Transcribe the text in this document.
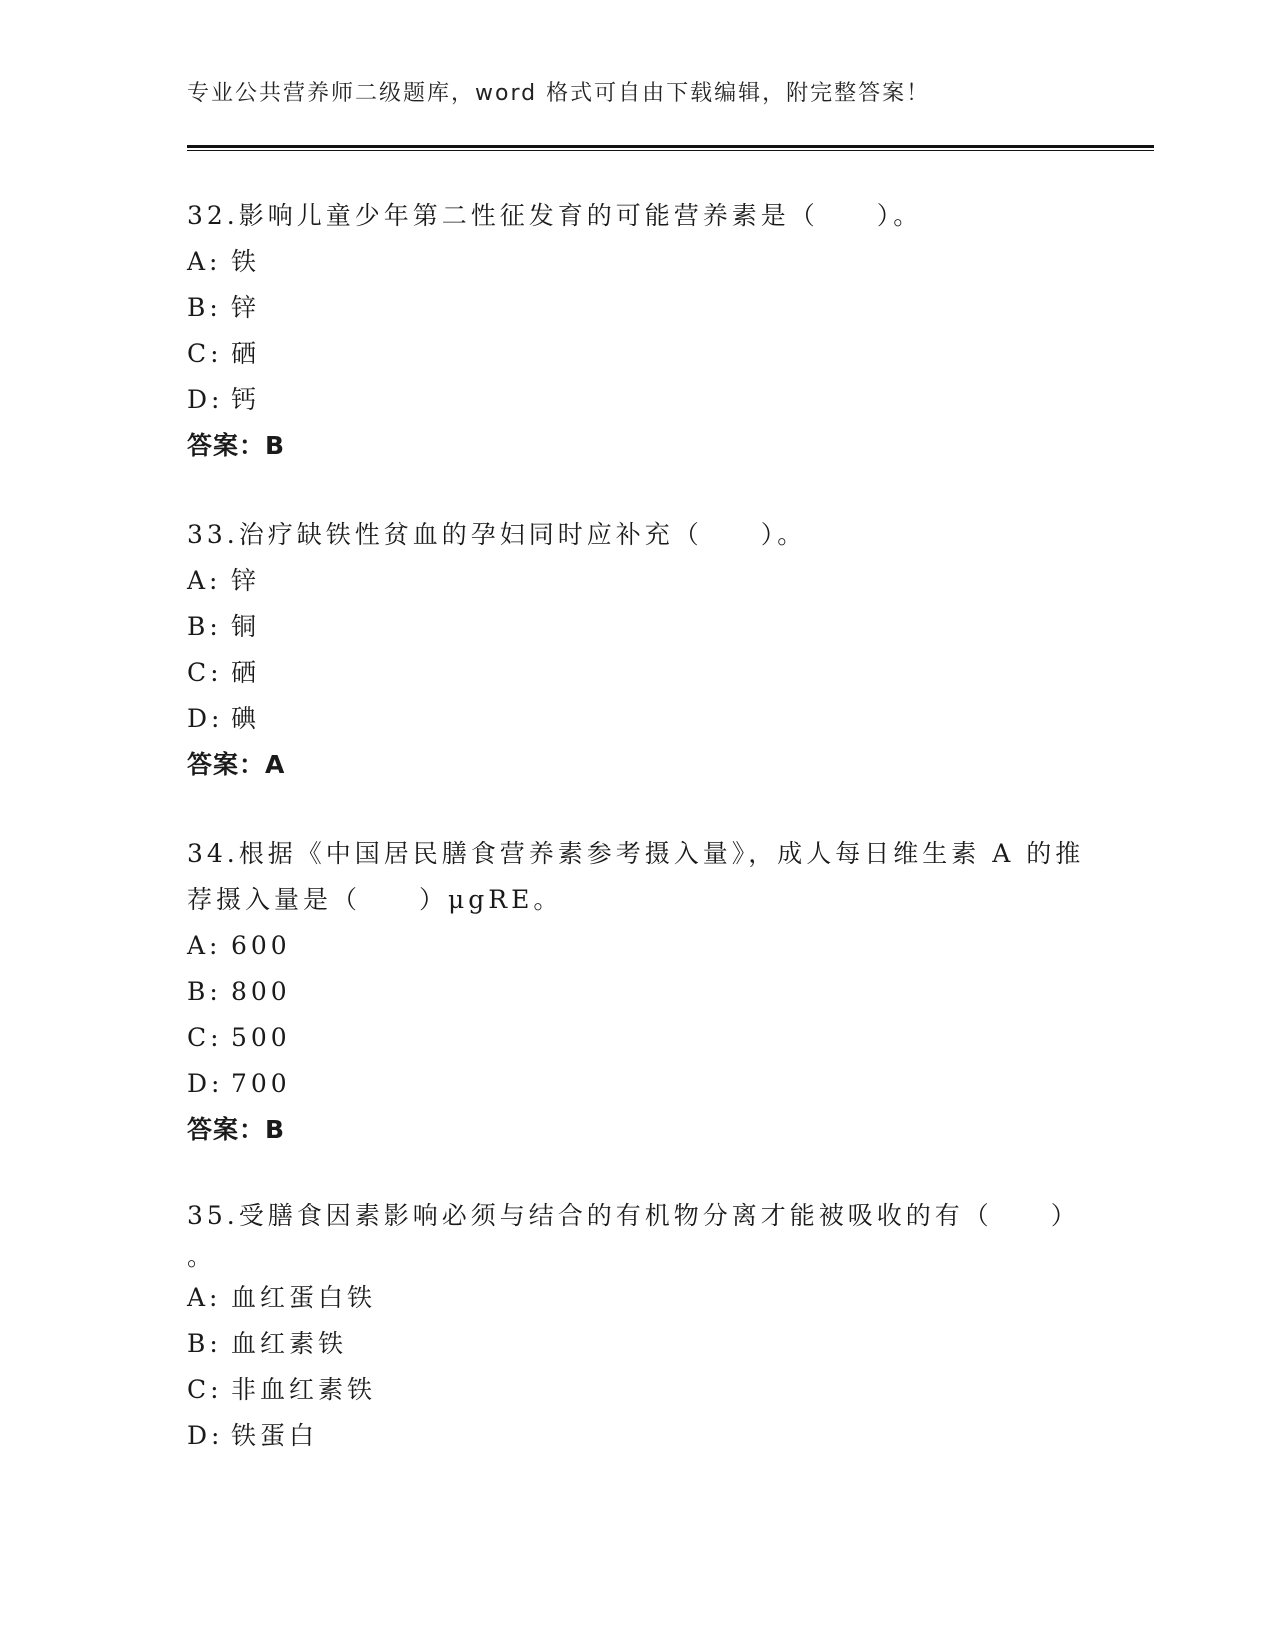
专业公共营养师二级题库，word 格式可自由下载编辑，附完整答案！

32.影响儿童少年第二性征发育的可能营养素是（　　）。

A: 铁

B: 锌

C: 硒

D: 钙

答案：B

33.治疗缺铁性贫血的孕妇同时应补充（　　）。

A: 锌

B: 铜

C: 硒

D: 碘

答案：A

34.根据《中国居民膳食营养素参考摄入量》，成人每日维生素 A 的推

荐摄入量是（　　）μgRE。

A: 600

B: 800

C: 500

D: 700

答案：B

35.受膳食因素影响必须与结合的有机物分离才能被吸收的有（　　）

。

A: 血红蛋白铁

B: 血红素铁

C: 非血红素铁

D: 铁蛋白
